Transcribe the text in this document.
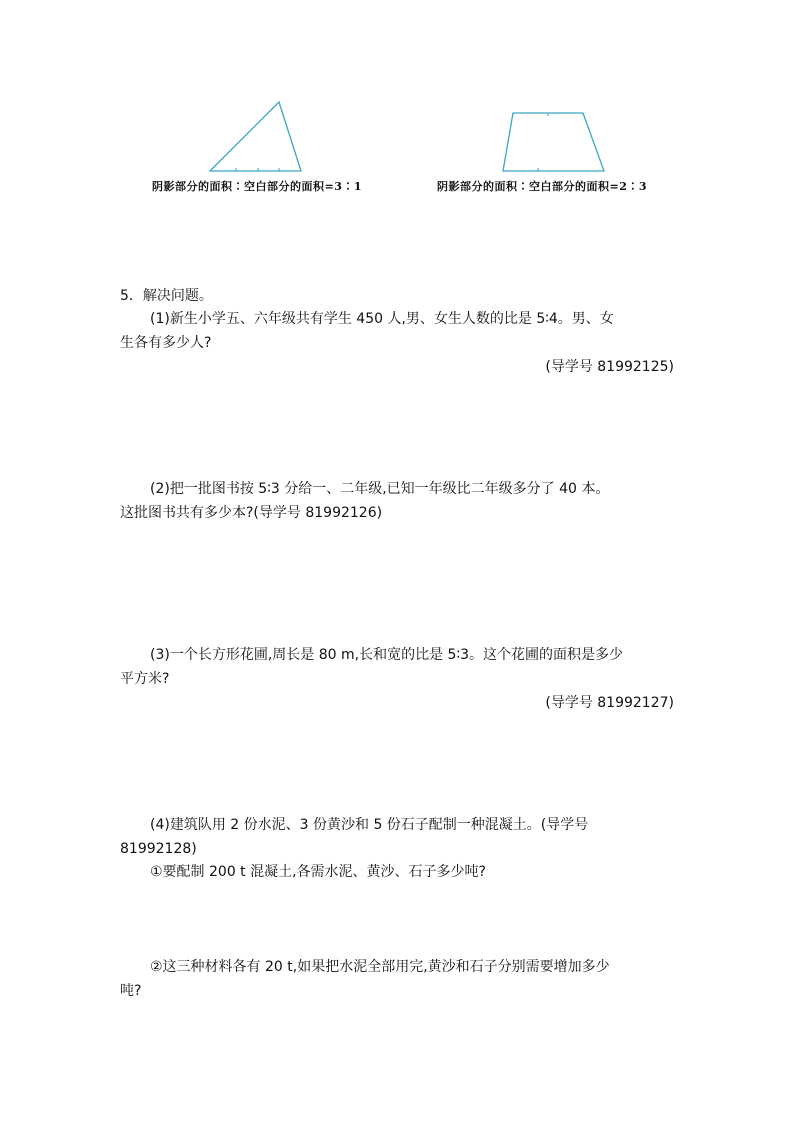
阴影部分的面积∶空白部分的面积=3∶1	阴影部分的面积∶空白部分的面积=2∶3
5．解决问题。
(1)新生小学五、六年级共有学生 450 人,男、女生人数的比是 5∶4。男、女
生各有多少人?
(导学号 81992125)
(2)把一批图书按 5∶3 分给一、二年级,已知一年级比二年级多分了 40 本。
这批图书共有多少本?(导学号 81992126)
(3)一个长方形花圃,周长是 80 m,长和宽的比是 5∶3。这个花圃的面积是多少
平方米?
(导学号 81992127)
(4)建筑队用 2 份水泥、3 份黄沙和 5 份石子配制一种混凝土。(导学号
81992128)
①要配制 200 t 混凝土,各需水泥、黄沙、石子多少吨?
②这三种材料各有 20 t,如果把水泥全部用完,黄沙和石子分别需要增加多少
吨?
